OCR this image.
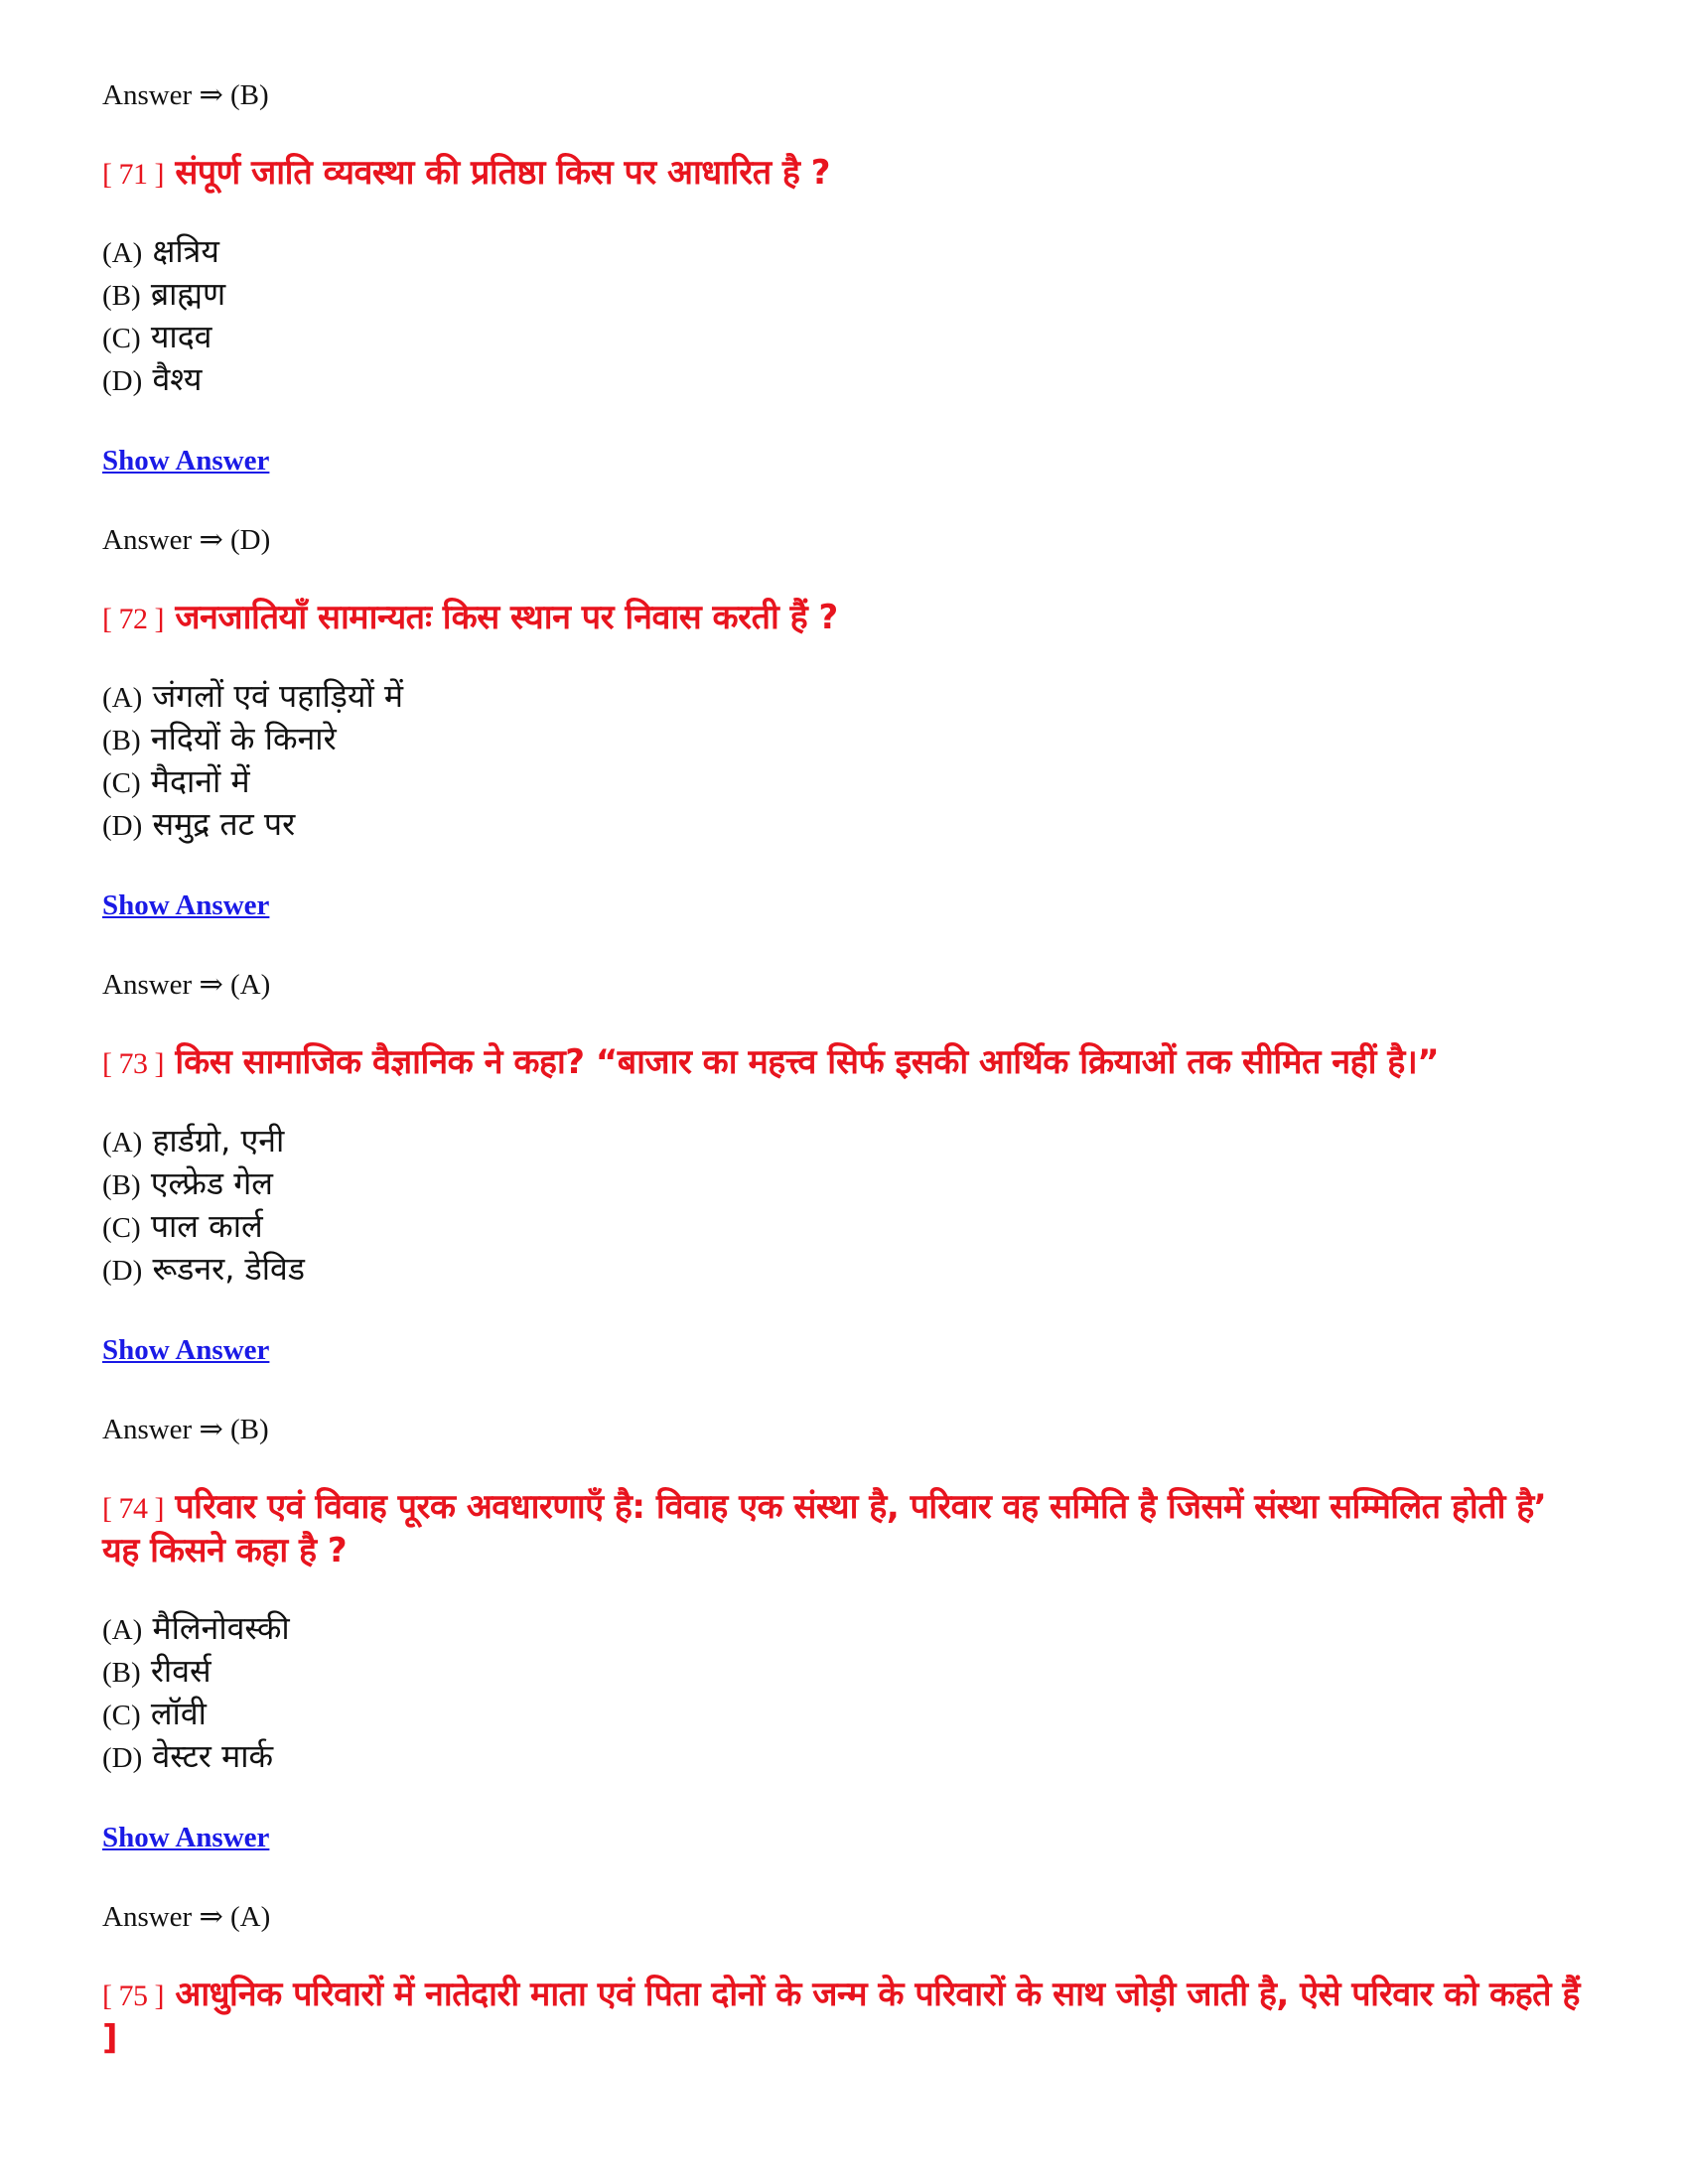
Answer ⇒ (B)
[ 71 ] संपूर्ण जाति व्यवस्था की प्रतिष्ठा किस पर आधारित है ?
(A) क्षत्रिय
(B) ब्राह्मण
(C) यादव
(D) वैश्य
Show Answer
Answer ⇒ (D)
[ 72 ] जनजातियाँ सामान्यतः किस स्थान पर निवास करती हैं ?
(A) जंगलों एवं पहाड़ियों में
(B) नदियों के किनारे
(C) मैदानों में
(D) समुद्र तट पर
Show Answer
Answer ⇒ (A)
[ 73 ] किस सामाजिक वैज्ञानिक ने कहा? “बाजार का महत्त्व सिर्फ इसकी आर्थिक क्रियाओं तक सीमित नहीं है।”
(A) हार्डग्रो, एनी
(B) एल्फ्रेड गेल
(C) पाल कार्ल
(D) रूडनर, डेविड
Show Answer
Answer ⇒ (B)
[ 74 ] परिवार एवं विवाह पूरक अवधारणाएँ है: विवाह एक संस्था है, परिवार वह समिति है जिसमें संस्था सम्मिलित होती है’ यह किसने कहा है ?
(A) मैलिनोवस्की
(B) रीवर्स
(C) लॉवी
(D) वेस्टर मार्क
Show Answer
Answer ⇒ (A)
[ 75 ] आधुनिक परिवारों में नातेदारी माता एवं पिता दोनों के जन्म के परिवारों के साथ जोड़ी जाती है, ऐसे परिवार को कहते हैं ]
